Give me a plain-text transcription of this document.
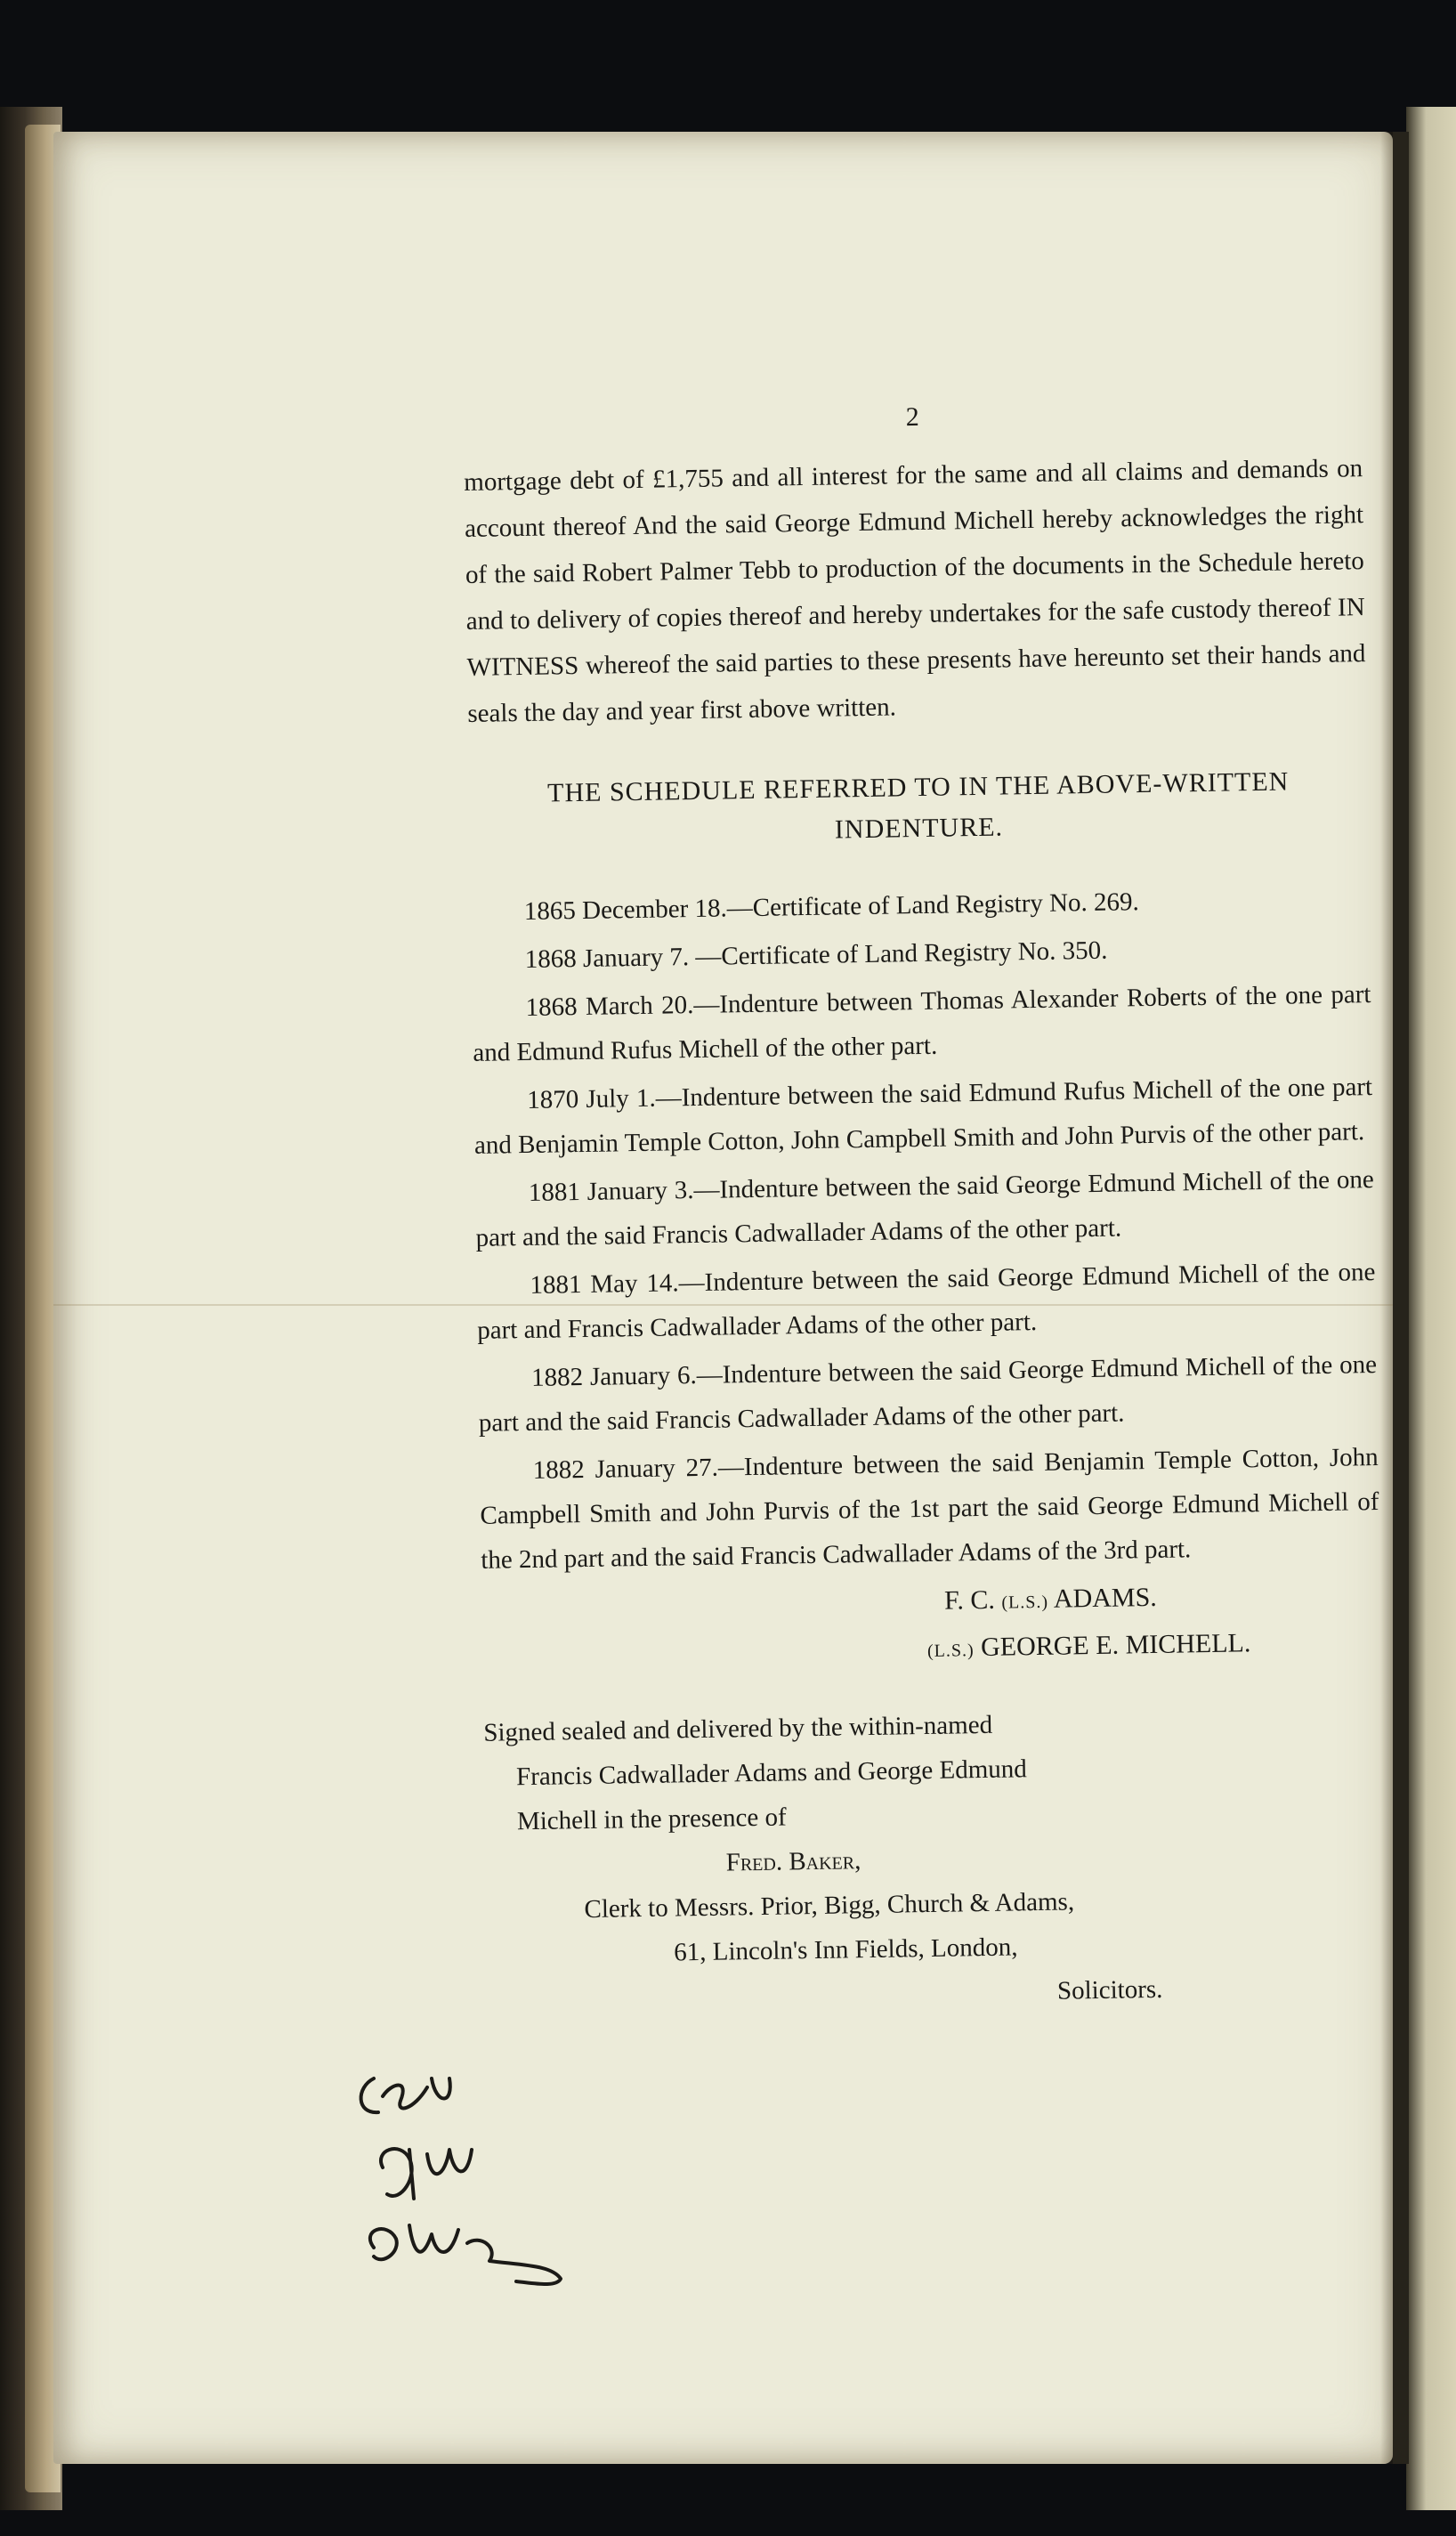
2

mortgage debt of £1,755 and all interest for the same and all claims and demands on account thereof And the said George Edmund Michell hereby acknowledges the right of the said Robert Palmer Tebb to production of the documents in the Schedule hereto and to delivery of copies thereof and hereby undertakes for the safe custody thereof IN WITNESS whereof the said parties to these presents have hereunto set their hands and seals the day and year first above written.

THE SCHEDULE REFERRED TO IN THE ABOVE-WRITTEN
INDENTURE.

1865 December 18.—Certificate of Land Registry No. 269.

1868 January 7. —Certificate of Land Registry No. 350.

1868 March 20.—Indenture between Thomas Alexander Roberts of the one part and Edmund Rufus Michell of the other part.

1870 July 1.—Indenture between the said Edmund Rufus Michell of the one part and Benjamin Temple Cotton, John Campbell Smith and John Purvis of the other part.

1881 January 3.—Indenture between the said George Edmund Michell of the one part and the said Francis Cadwallader Adams of the other part.

1881 May 14.—Indenture between the said George Edmund Michell of the one part and Francis Cadwallader Adams of the other part.

1882 January 6.—Indenture between the said George Edmund Michell of the one part and the said Francis Cadwallader Adams of the other part.

1882 January 27.—Indenture between the said Benjamin Temple Cotton, John Campbell Smith and John Purvis of the 1st part the said George Edmund Michell of the 2nd part and the said Francis Cadwallader Adams of the 3rd part.

F. C. (L.S.) ADAMS.
(L.S.) GEORGE E. MICHELL.

Signed sealed and delivered by the within-named

Francis Cadwallader Adams and George Edmund

Michell in the presence of

Fred. Baker,

Clerk to Messrs. Prior, Bigg, Church & Adams,

61, Lincoln's Inn Fields, London,

Solicitors.
